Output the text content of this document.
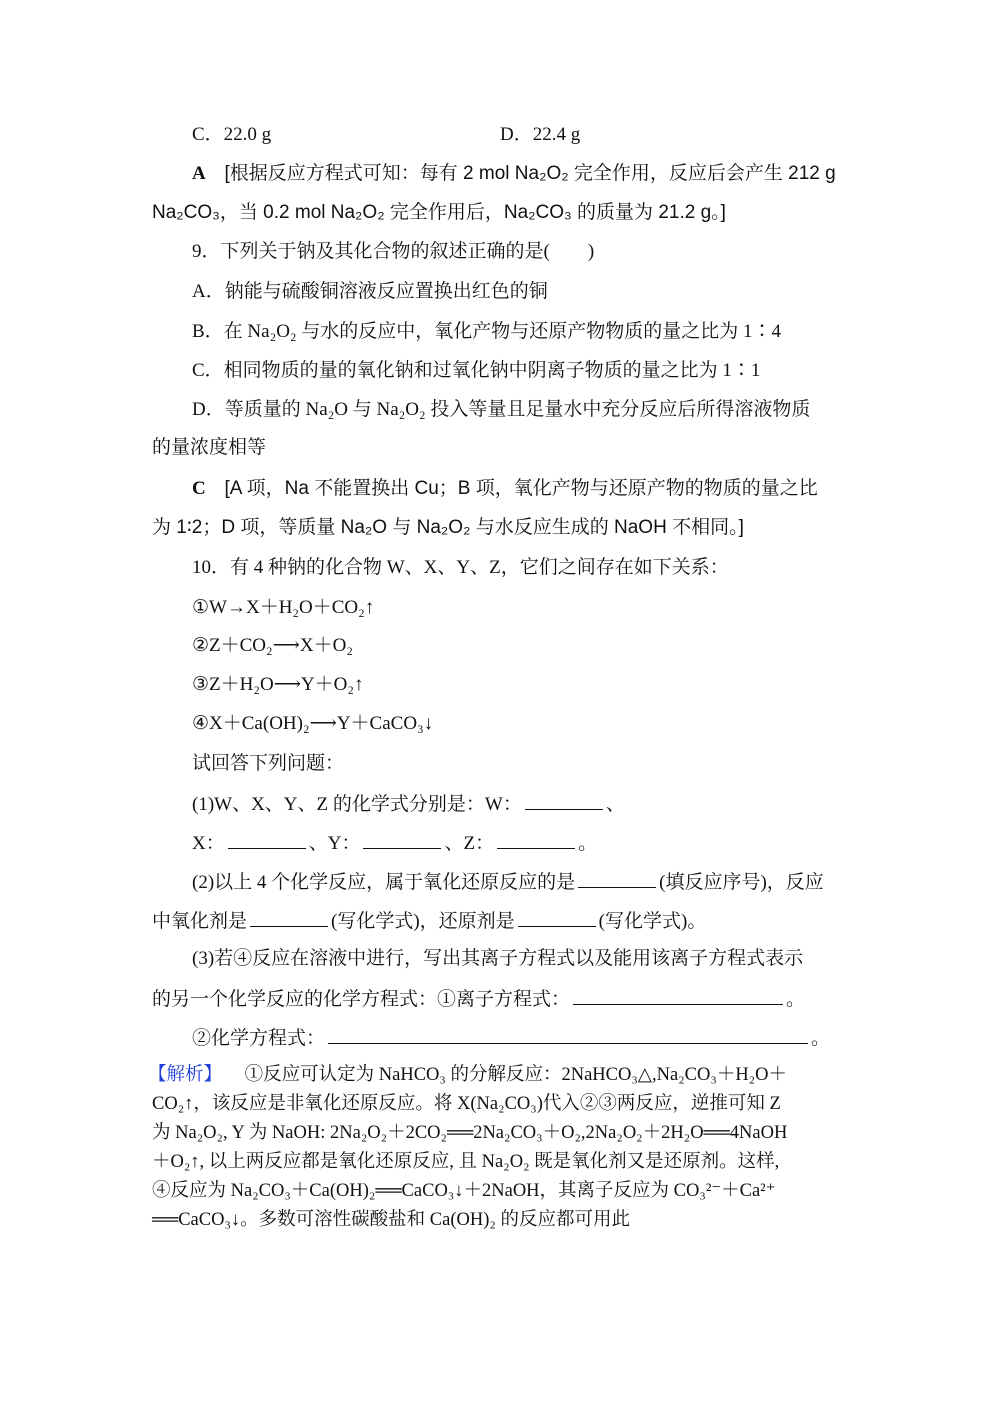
C．22.0 g	D．22.4 g
A [根据反应方程式可知：每有 2 mol Na₂O₂ 完全作用，反应后会产生 212 g
Na₂CO₃，当 0.2 mol Na₂O₂ 完全作用后，Na₂CO₃ 的质量为 21.2 g。]
9．下列关于钠及其化合物的叙述正确的是(　　)
A．钠能与硫酸铜溶液反应置换出红色的铜
B．在 Na₂O₂ 与水的反应中，氧化产物与还原产物物质的量之比为 1∶4
C．相同物质的量的氧化钠和过氧化钠中阴离子物质的量之比为 1∶1
D．等质量的 Na₂O 与 Na₂O₂ 投入等量且足量水中充分反应后所得溶液物质
的量浓度相等
C [A 项，Na 不能置换出 Cu；B 项，氧化产物与还原产物的物质的量之比
为 1∶2；D 项，等质量 Na₂O 与 Na₂O₂ 与水反应生成的 NaOH 不相同。]
10．有 4 种钠的化合物 W、X、Y、Z，它们之间存在如下关系：
①W→X＋H₂O＋CO₂↑
②Z＋CO₂⟶X＋O₂
③Z＋H₂O⟶Y＋O₂↑
④X＋Ca(OH)₂⟶Y＋CaCO₃↓
试回答下列问题：
(1)W、X、Y、Z 的化学式分别是：W：	、
X：	、Y：	、Z：	。
(2)以上 4 个化学反应，属于氧化还原反应的是	(填反应序号)，反应
中氧化剂是	(写化学式)，还原剂是	(写化学式)。
(3)若④反应在溶液中进行，写出其离子方程式以及能用该离子方程式表示
的另一个化学反应的化学方程式：①离子方程式：	。
②化学方程式：	。
【解析】 ①反应可认定为 NaHCO₃ 的分解反应：2NaHCO₃△,Na₂CO₃＋H₂O＋
CO₂↑，该反应是非氧化还原反应。将 X(Na₂CO₃)代入②③两反应，逆推可知 Z
为 Na₂O₂, Y 为 NaOH: 2Na₂O₂＋2CO₂══2Na₂CO₃＋O₂,2Na₂O₂＋2H₂O══4NaOH
＋O₂↑, 以上两反应都是氧化还原反应, 且 Na₂O₂ 既是氧化剂又是还原剂。这样,
④反应为 Na₂CO₃＋Ca(OH)₂══CaCO₃↓＋2NaOH，其离子反应为 CO₃²⁻＋Ca²⁺
══CaCO₃↓。多数可溶性碳酸盐和 Ca(OH)₂ 的反应都可用此
